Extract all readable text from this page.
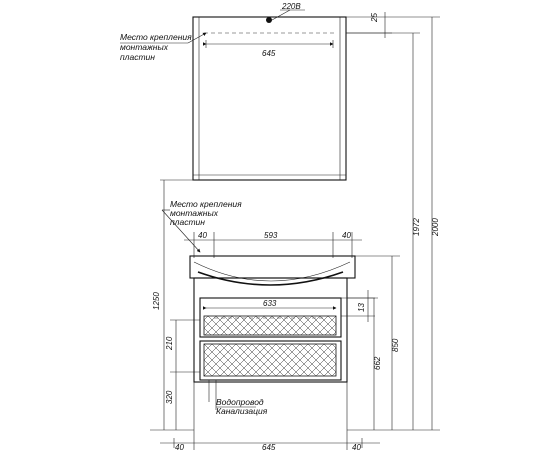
220В
645
25
Место крепления
монтажных
пластин
Место крепления
монтажных
пластин
40	593	40
633
Водопровод
Канализация
40	645	40
1250
210
320
13
662
850
1972 2000
